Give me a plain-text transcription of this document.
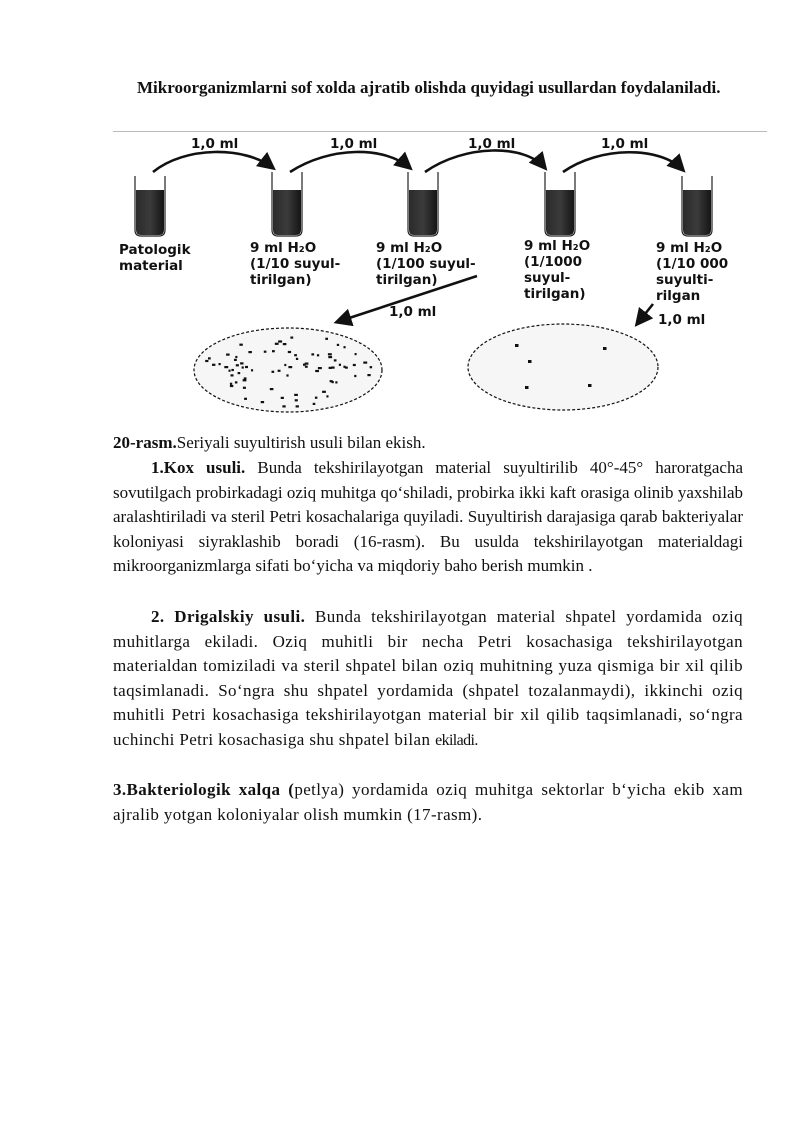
Mikroorganizmlarni sof xolda ajratib olishda quyidagi usullardan foydalaniladi.
1,0 ml	1,0 ml	1,0 ml	1,0 ml
Patologik
material
9 ml H₂O
(1/10 suyul-
tirilgan)
9 ml H₂O
(1/100 suyul-
tirilgan)
9 ml H₂O
(1/1000
suyul-
tirilgan)
9 ml H₂O
(1/10 000
suyulti-
rilgan
1,0 ml	1,0 ml
20-rasm.Seriyali suyultirish usuli bilan ekish.
1.Kox usuli. Bunda tekshirilayotgan material suyultirilib 40°-45° haroratgacha sovutilgach probirkadagi oziq muhitga qo‘shiladi, probirka ikki kaft orasiga olinib yaxshilab aralashtiriladi va steril Petri kosachalariga quyiladi. Suyultirish darajasiga qarab bakteriyalar koloniyasi siyraklashib boradi (16-rasm). Bu usulda tekshirilayotgan materialdagi mikroorganizmlarga sifati bo‘yicha va miqdoriy baho berish mumkin .
2. Drigalskiy usuli. Bunda tekshirilayotgan material shpatel yordamida oziq muhitlarga ekiladi. Oziq muhitli bir necha Petri kosachasiga tekshirilayotgan materialdan tomiziladi va steril shpatel bilan oziq muhitning yuza qismiga bir xil qilib taqsimlanadi. So‘ngra shu shpatel yordamida (shpatel tozalanmaydi), ikkinchi oziq muhitli Petri kosachasiga tekshirilayotgan material bir xil qilib taqsimlanadi, so‘ngra uchinchi Petri kosachasiga shu shpatel bilan ekiladi.
3.Bakteriologik xalqa (petlya) yordamida oziq muhitga sektorlar b‘yicha ekib xam ajralib yotgan koloniyalar olish mumkin (17-rasm).
